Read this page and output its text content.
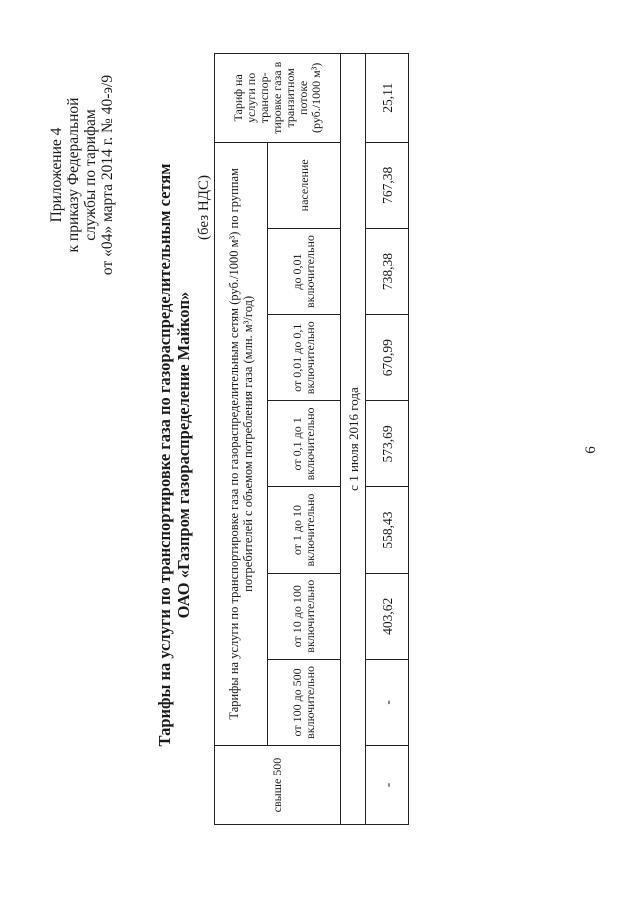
Приложение 4 к приказу Федеральной службы по тарифам от «04» марта 2014 г. № 40-э/9 Тарифы на услуги по транспортировке газа по газораспределительным сетям ОАО «Газпром газораспределение Майкоп»
(без НДС)
свыше 500	Тарифы на услуги по транспортировке газа по газораспределительным сетям (руб./1000 м³) по группам потребителей с объемом потребления газа (млн. м³/год)							Тариф на услуги по транспор-тировке газа в транзитном потоке (руб./1000 м³)
	от 100 до 500 включительно	от 10 до 100 включительно	от 1 до 10 включительно	от 0,1 до 1 включительно	от 0,01 до 0,1 включительно	до 0,01 включительно	население	
с 1 июля 2016 года								
-	-	403,62	558,43	573,69	670,99	738,38	767,38	25,11
6
